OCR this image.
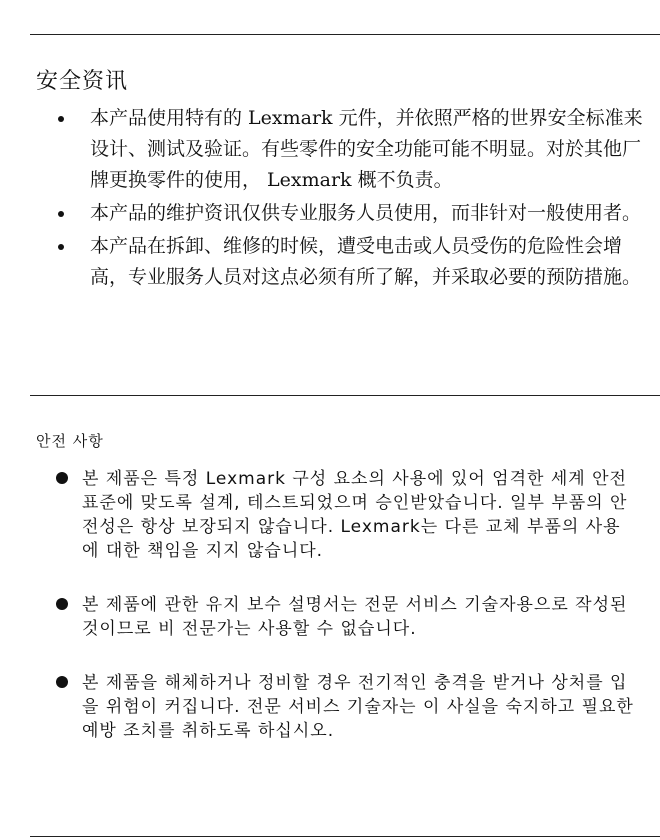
安全资讯
本产品使用特有的 Lexmark 元件，并依照严格的世界安全标准来设计、测试及验证。有些零件的安全功能可能不明显。对於其他厂牌更换零件的使用， Lexmark 概不负责。
本产品的维护资讯仅供专业服务人员使用，而非针对一般使用者。
本产品在拆卸、维修的时候，遭受电击或人员受伤的危险性会增高，专业服务人员对这点必须有所了解，并采取必要的预防措施。
안전 사항
본 제품은 특정 Lexmark 구성 요소의 사용에 있어 엄격한 세계 안전 표준에 맞도록 설계, 테스트되었으며 승인받았습니다. 일부 부품의 안전성은 항상 보장되지 않습니다. Lexmark는 다른 교체 부품의 사용에 대한 책임을 지지 않습니다.
본 제품에 관한 유지 보수 설명서는 전문 서비스 기술자용으로 작성된 것이므로 비 전문가는 사용할 수 없습니다.
본 제품을 해체하거나 정비할 경우 전기적인 충격을 받거나 상처를 입을 위험이 커집니다. 전문 서비스 기술자는 이 사실을 숙지하고 필요한 예방 조치를 취하도록 하십시오.
